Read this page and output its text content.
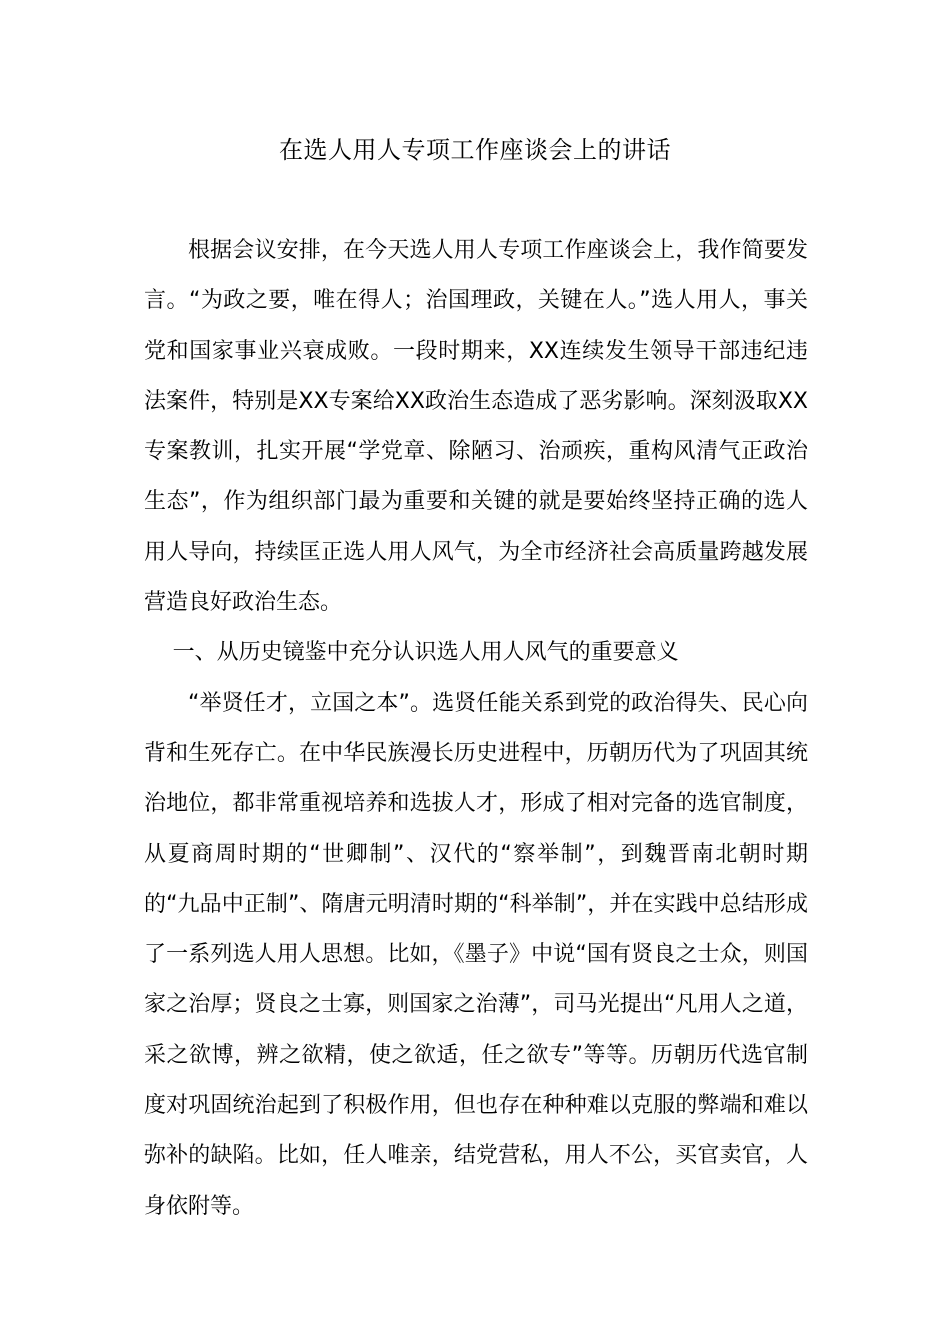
在选人用人专项工作座谈会上的讲话

根据会议安排，在今天选人用人专项工作座谈会上，我作简要发言。“为政之要，唯在得人；治国理政，关键在人。”选人用人，事关党和国家事业兴衰成败。一段时期来，XX连续发生领导干部违纪违法案件，特别是XX专案给XX政治生态造成了恶劣影响。深刻汲取XX专案教训，扎实开展“学党章、除陋习、治顽疾，重构风清气正政治生态”，作为组织部门最为重要和关键的就是要始终坚持正确的选人用人导向，持续匡正选人用人风气，为全市经济社会高质量跨越发展营造良好政治生态。

一、从历史镜鉴中充分认识选人用人风气的重要意义

“举贤任才，立国之本”。选贤任能关系到党的政治得失、民心向背和生死存亡。在中华民族漫长历史进程中，历朝历代为了巩固其统治地位，都非常重视培养和选拔人才，形成了相对完备的选官制度，从夏商周时期的“世卿制”、汉代的“察举制”，到魏晋南北朝时期的“九品中正制”、隋唐元明清时期的“科举制”，并在实践中总结形成了一系列选人用人思想。比如，《墨子》中说“国有贤良之士众，则国家之治厚；贤良之士寡，则国家之治薄”，司马光提出“凡用人之道，采之欲博，辨之欲精，使之欲适，任之欲专”等等。历朝历代选官制度对巩固统治起到了积极作用，但也存在种种难以克服的弊端和难以弥补的缺陷。比如，任人唯亲，结党营私，用人不公，买官卖官，人身依附等。
